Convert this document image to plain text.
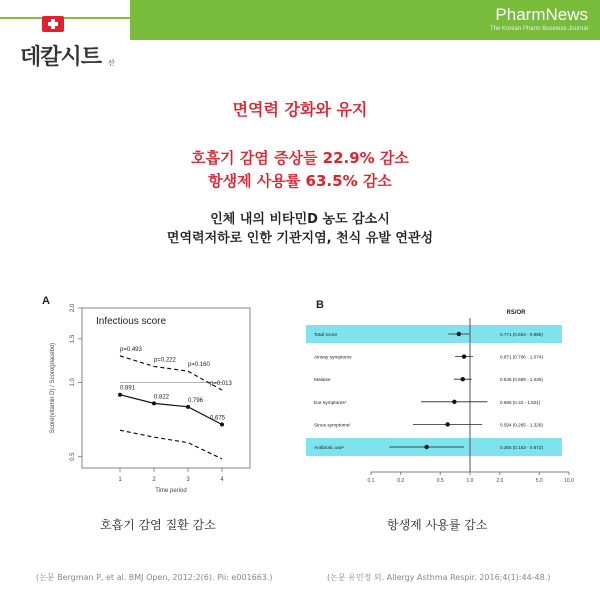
PharmNews
The Korean Pharm Business Journal
데칼시트 산
면역력 강화와 유지
호흡기 감염 증상들 22.9% 감소
항생제 사용률 63.5% 감소
인체 내의 비타민D 농도 감소시
면역력저하로 인한 기관지염, 천식 유발 연관성
A
Infectious score
0.5
1.0
1.5
2.0
Score(vitamin D) / Score(placebo)
1	2	3	4
Time period
0.891
0.822
0.796
0.675
p=0.493
p=0.222
p=0.160
p=0.013
B
RS/OR
Total score	0.771 (0.604 - 0.985)
Airway symptoms	0.871 (0.706 - 1.074)
Malaise	0.845 (0.689 - 1.036)
Ear symptoms¹	0.695 (0.32 - 1.501)
Sinus symptoms¹	0.594 (0.265 - 1.328)
Antibiotic use¹	0.365 (0.153 - 0.872)
0.1	0.2	0.5	1.0	2.0	5.0	10.0
호흡기 감염 질환 감소	항생제 사용률 감소
(논문 Bergman P, et al. BMJ Open, 2012;2(6). Pii: e001663.)	(논문 유민정 외. Allergy Asthma Respir. 2016;4(1):44-48.)
